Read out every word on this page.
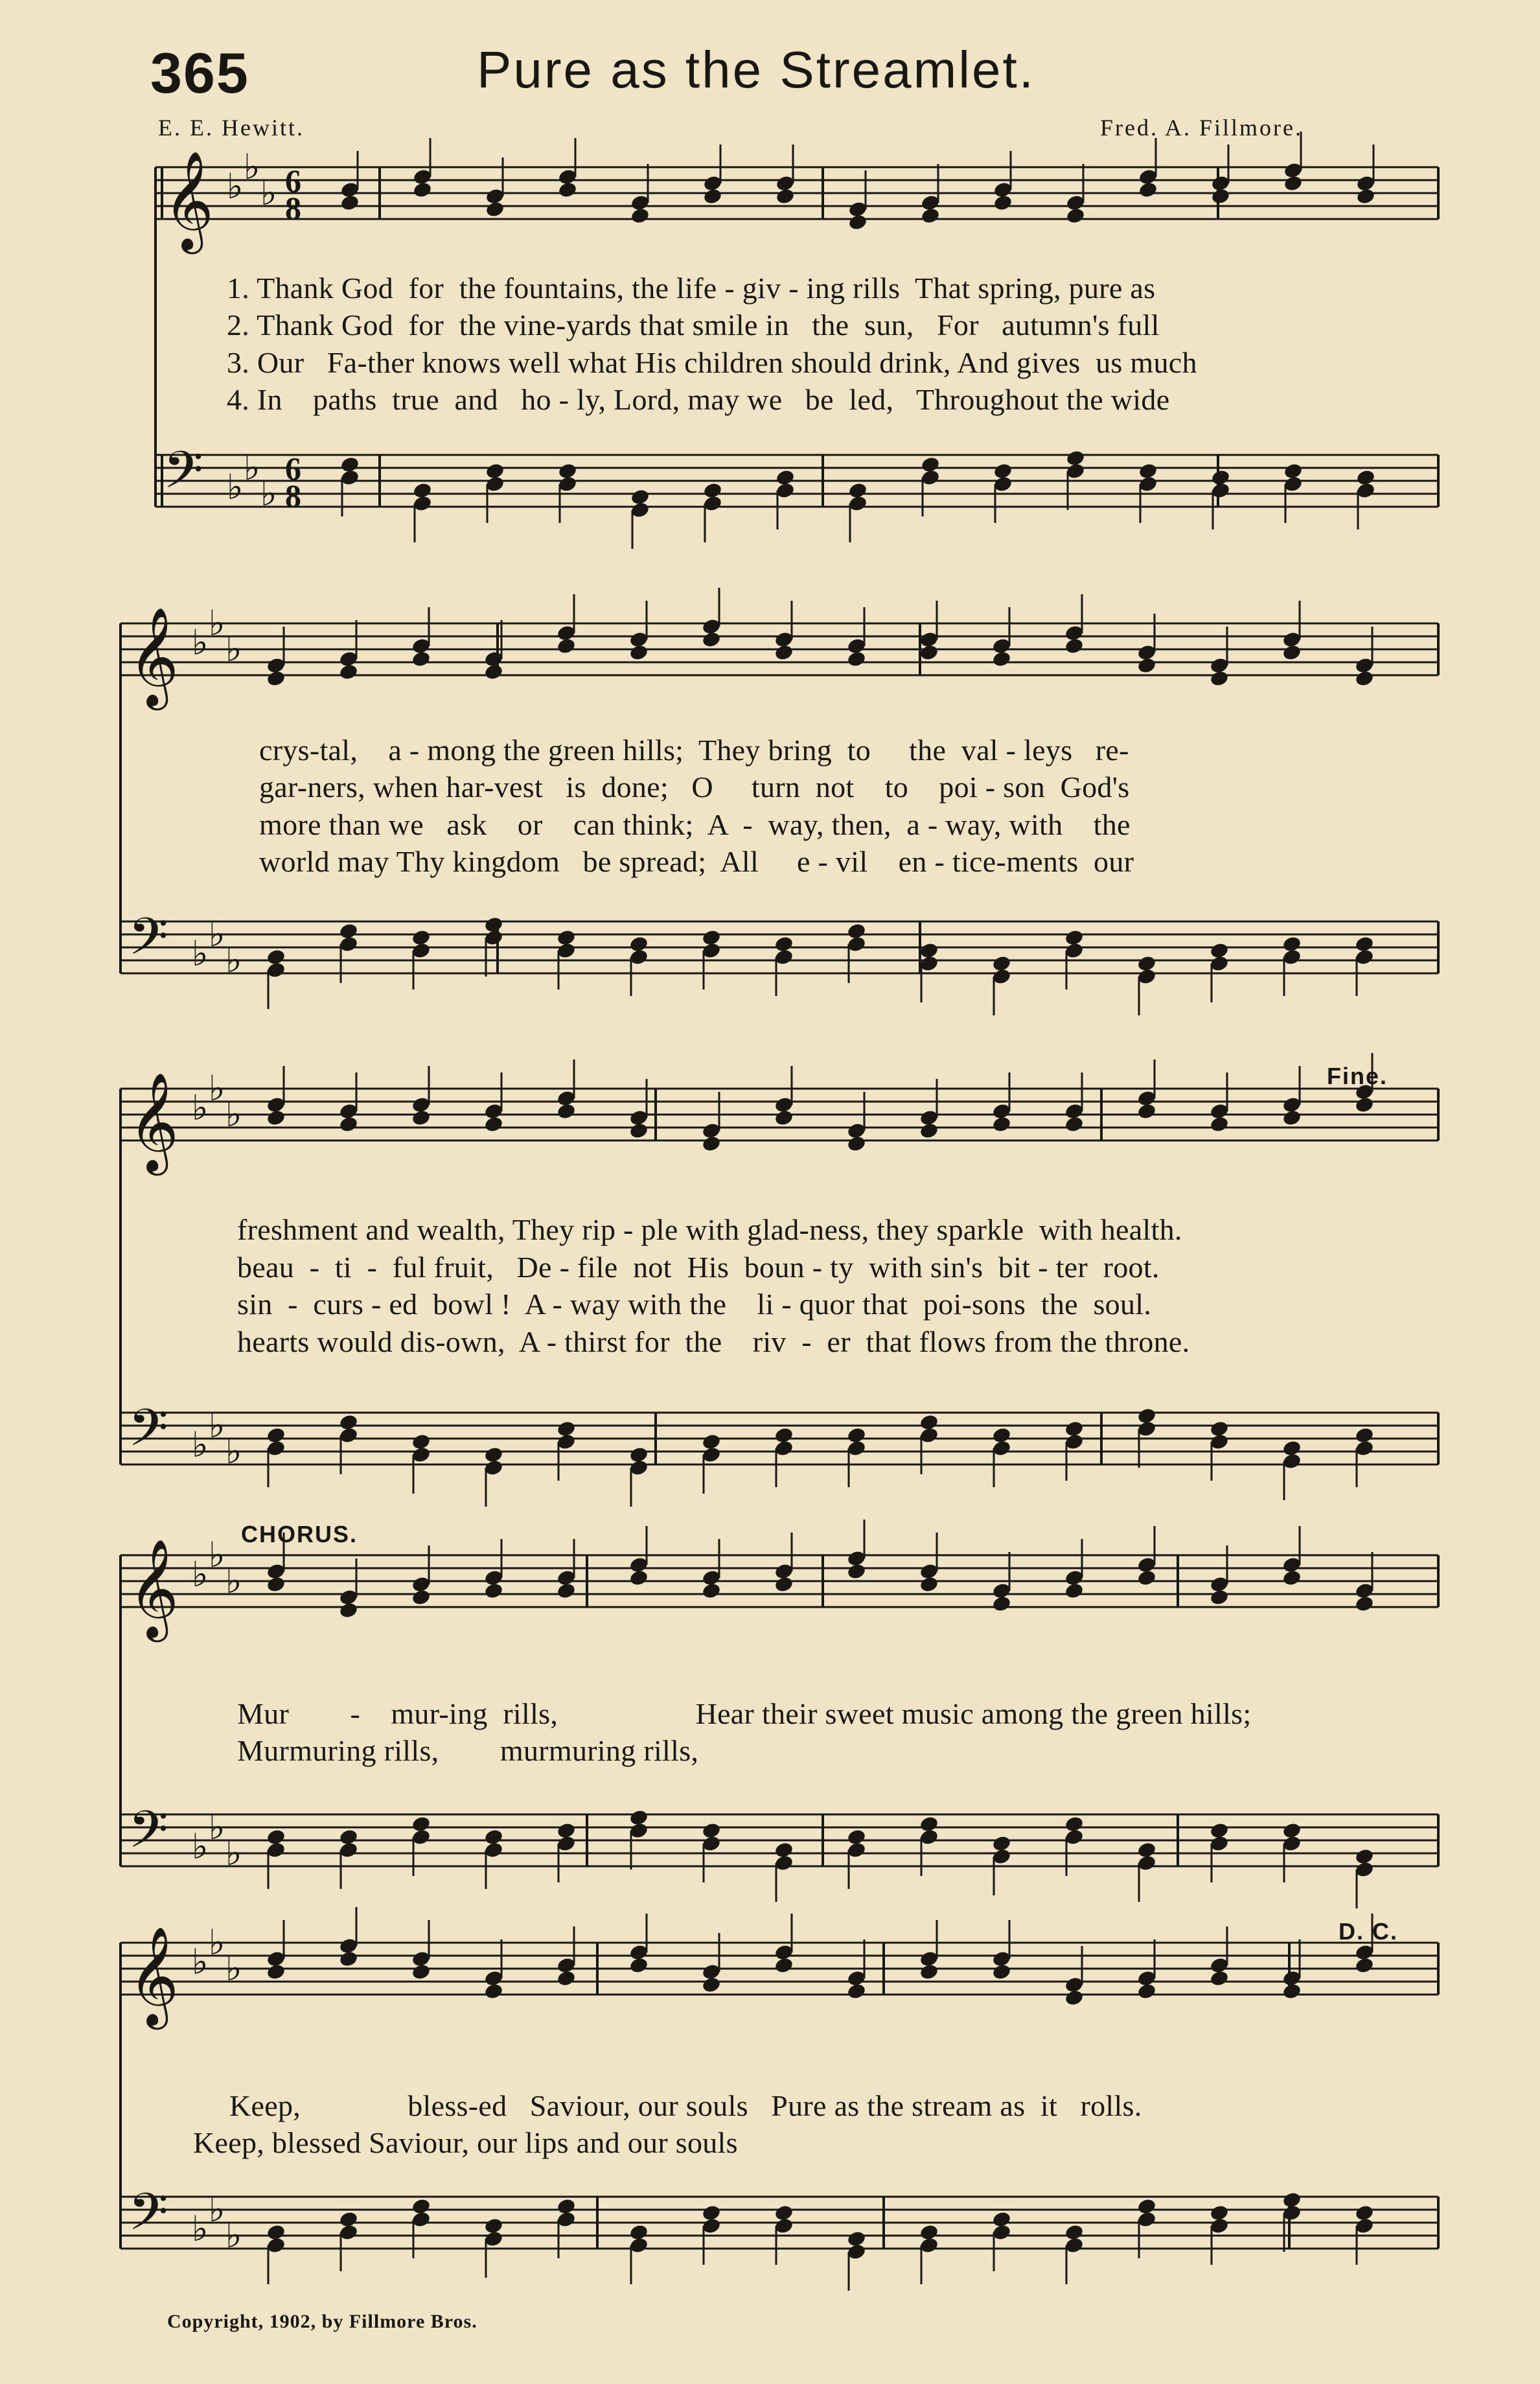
𝄞 ♭ ♭
♭ 6
8
𝄢 ♭ ♭
♭
6
8
𝄞 ♭ ♭
♭
𝄢 ♭ ♭
♭
𝄞 ♭ ♭
♭
𝄢 ♭ ♭
♭
𝄞 ♭ ♭
♭
𝄢 ♭ ♭
♭
𝄞 ♭ ♭
♭
𝄢 ♭ ♭
♭
365	Pure as the Streamlet.
E. E. Hewitt.	Fred. A. Fillmore.
1. Thank God  for  the fountains, the life - giv - ing rills  That spring, pure as
2. Thank God  for  the vine-yards that smile in   the  sun,   For   autumn's full
3. Our   Fa-ther knows well what His children should drink, And gives  us much
4. In    paths  true  and   ho - ly, Lord, may we   be  led,   Throughout the wide
crys-tal,    a - mong the green hills;  They bring  to     the  val - leys   re-
gar-ners, when har-vest   is  done;   O     turn  not    to    poi - son  God's
more than we   ask    or    can think;  A  -  way, then,  a - way, with    the
world may Thy kingdom   be spread;  All     e - vil    en - tice-ments  our
freshment and wealth, They rip - ple with glad-ness, they sparkle  with health.
beau  -  ti  -  ful fruit,   De - file  not  His  boun - ty  with sin's  bit - ter  root.
sin  -  curs - ed  bowl !  A - way with the    li - quor that  poi-sons  the  soul.
hearts would dis-own,  A - thirst for  the    riv  -  er  that flows from the throne.
Mur        -    mur-ing  rills,                  Hear their sweet music among the green hills;
Murmuring rills,        murmuring rills,
Keep,              bless-ed   Saviour, our souls   Pure as the stream as  it   rolls.
Keep, blessed Saviour, our lips and our souls
Fine.
CHORUS.
D. C.
Copyright, 1902, by Fillmore Bros.
